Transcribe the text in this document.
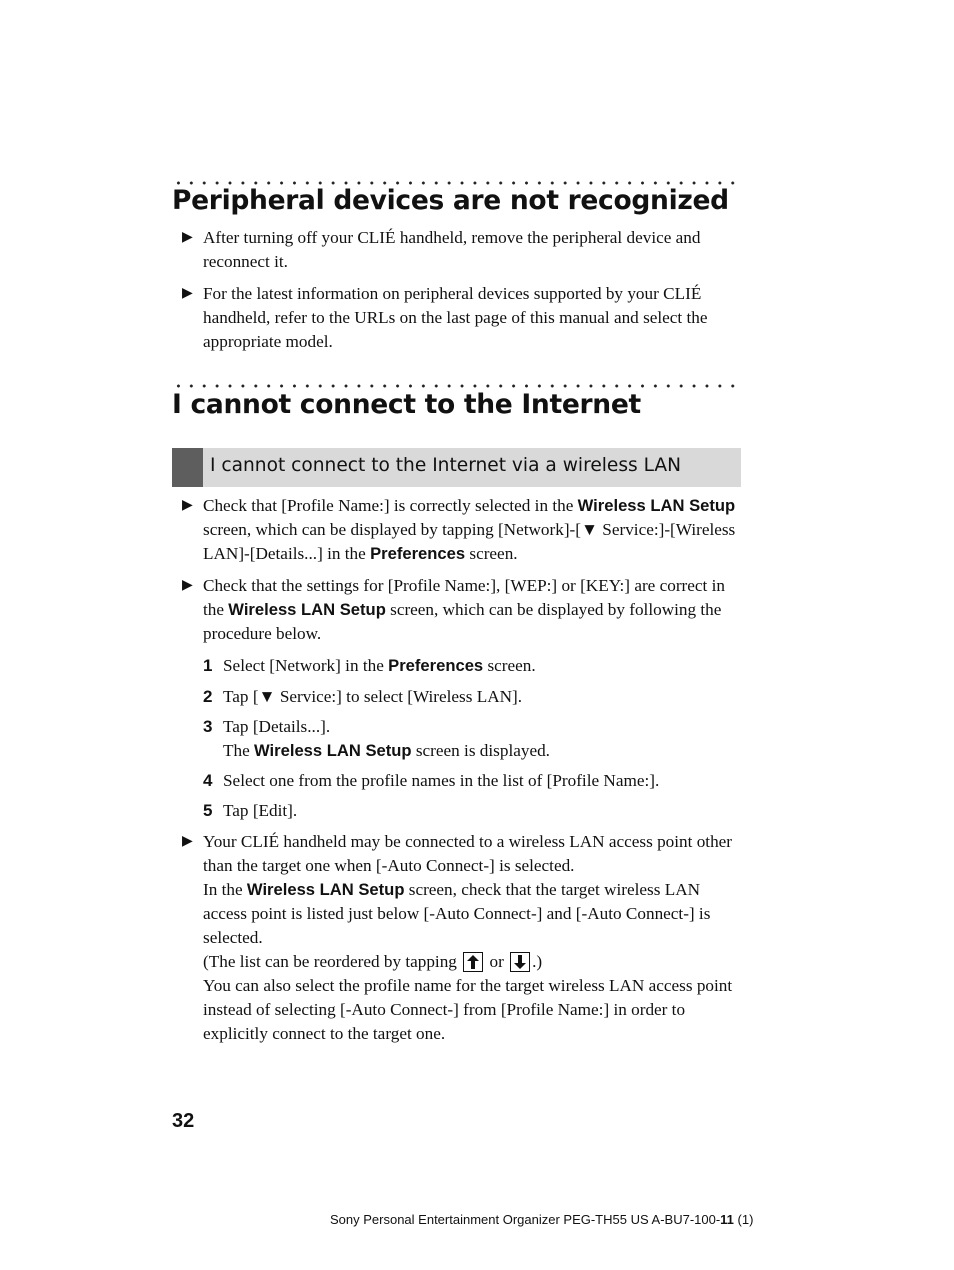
Peripheral devices are not recognized
▶ After turning off your CLIÉ handheld, remove the peripheral device and reconnect it.
▶ For the latest information on peripheral devices supported by your CLIÉ handheld, refer to the URLs on the last page of this manual and select the appropriate model.
I cannot connect to the Internet
I cannot connect to the Internet via a wireless LAN
▶ Check that [Profile Name:] is correctly selected in the Wireless LAN Setup screen, which can be displayed by tapping [Network]-[▼ Service:]-[Wireless LAN]-[Details...] in the Preferences screen.
▶ Check that the settings for [Profile Name:], [WEP:] or [KEY:] are correct in the Wireless LAN Setup screen, which can be displayed by following the procedure below.
1 Select [Network] in the Preferences screen.
2 Tap [▼ Service:] to select [Wireless LAN].
3 Tap [Details...].
The Wireless LAN Setup screen is displayed.
4 Select one from the profile names in the list of [Profile Name:].
5 Tap [Edit].
▶ Your CLIÉ handheld may be connected to a wireless LAN access point other than the target one when [-Auto Connect-] is selected.
In the Wireless LAN Setup screen, check that the target wireless LAN access point is listed just below [-Auto Connect-] and [-Auto Connect-] is selected.
(The list can be reordered by tapping
or
.)
You can also select the profile name for the target wireless LAN access point instead of selecting [-Auto Connect-] from [Profile Name:] in order to explicitly connect to the target one.
32
Sony Personal Entertainment Organizer PEG-TH55 US A-BU7-100-11 (1)
